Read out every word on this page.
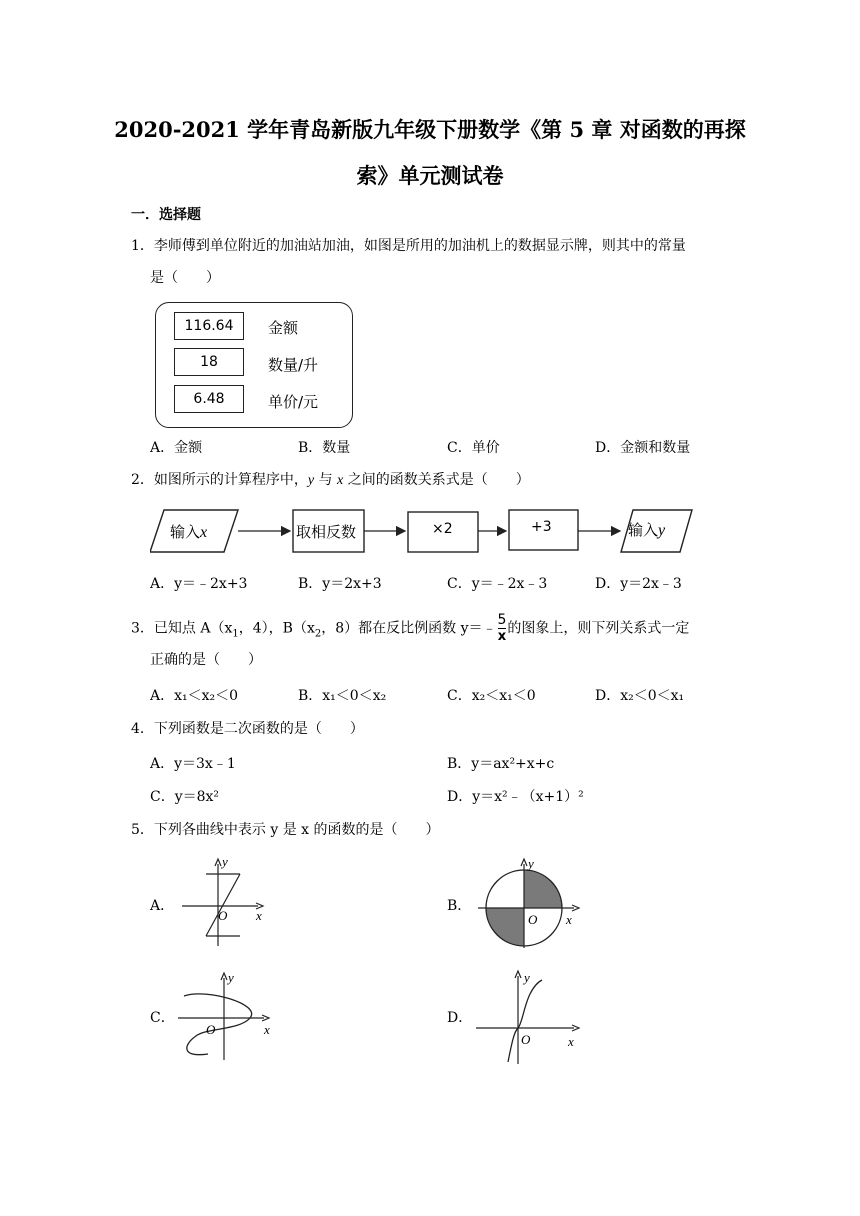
2020-2021 学年青岛新版九年级下册数学《第 5 章 对函数的再探
索》单元测试卷
一．选择题
1．李师傅到单位附近的加油站加油，如图是所用的加油机上的数据显示牌，则其中的常量
是（　　）
116.64	金额
18	数量/升
6.48	单价/元
A．金额	B．数量	C．单价	D．金额和数量
2．如图所示的计算程序中，y 与 x 之间的函数关系式是（　　）
输入x	取相反数	×2	+3	输入y
A．y＝﹣2x+3	B．y＝2x+3	C．y＝﹣2x﹣3	D．y＝2x﹣3
3．已知点 $A(x_1$，4），$B(x_2$，8）都在反比例函数 y＝﹣ $\frac{5}{x}$ 的图象上，则下列关系式一定
正确的是（　　）
A．x₁＜x₂＜0	B．x₁＜0＜x₂	C．x₂＜x₁＜0	D．x₂＜0＜x₁
4．下列函数是二次函数的是（　　）
A．y＝3x﹣1	B．y＝ax²+x+c
C．y＝8x²	D．y＝x²﹣（x+1）²
5．下列各曲线中表示 y 是 x 的函数的是（　　）
A．	B．
C．	D．
y
x
O
y
x
O
y
x
O
y
x
O
